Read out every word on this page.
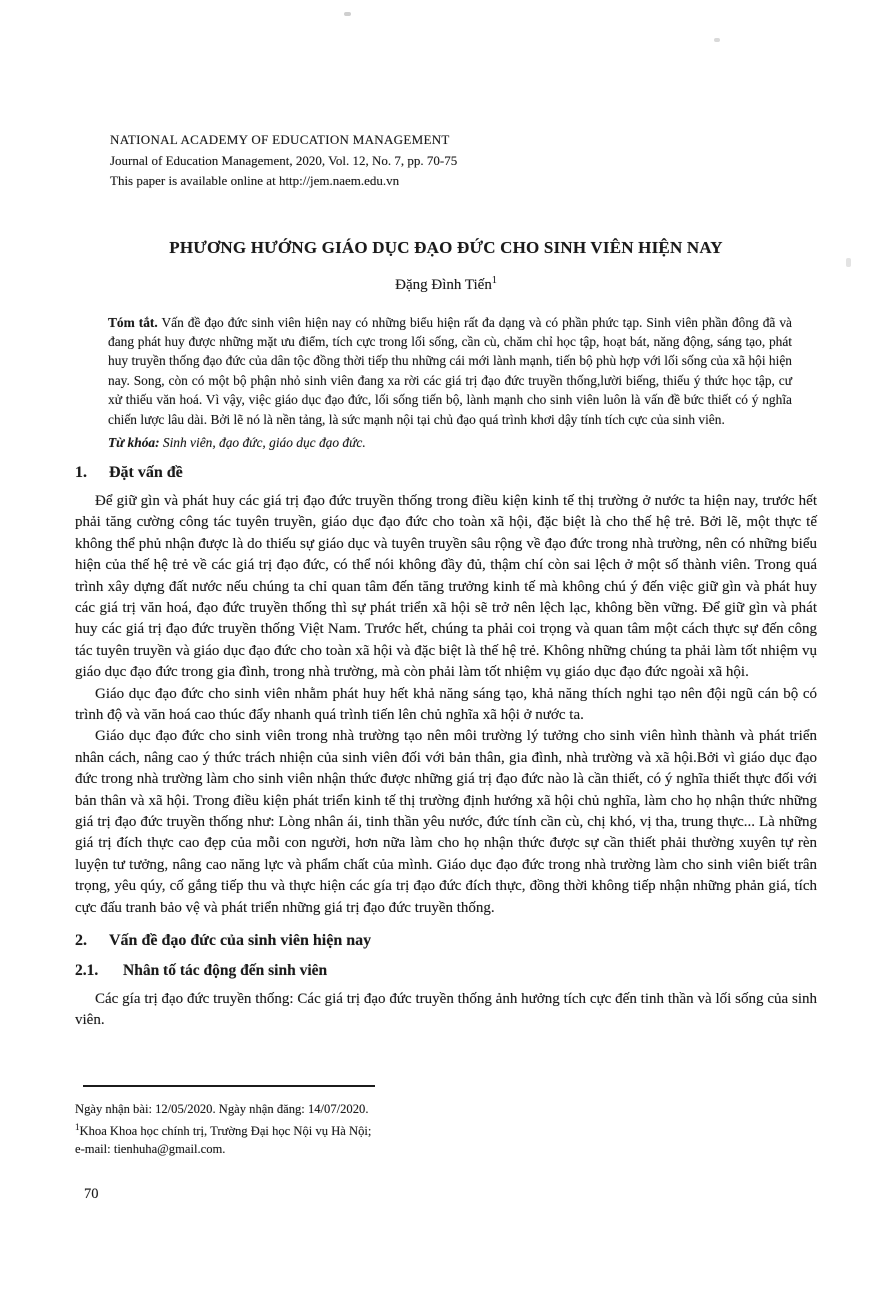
NATIONAL ACADEMY OF EDUCATION MANAGEMENT
Journal of Education Management, 2020, Vol. 12, No. 7, pp. 70-75
This paper is available online at http://jem.naem.edu.vn
PHƯƠNG HƯỚNG GIÁO DỤC ĐẠO ĐỨC CHO SINH VIÊN HIỆN NAY
Đặng Đình Tiến$^1$
Tóm tắt. Vấn đề đạo đức sinh viên hiện nay có những biểu hiện rất đa dạng và có phần phức tạp. Sinh viên phần đông đã và đang phát huy được những mặt ưu điểm, tích cực trong lối sống, cần cù, chăm chỉ học tập, hoạt bát, năng động, sáng tạo, phát huy truyền thống đạo đức của dân tộc đồng thời tiếp thu những cái mới lành mạnh, tiến bộ phù hợp với lối sống của xã hội hiện nay. Song, còn có một bộ phận nhỏ sinh viên đang xa rời các giá trị đạo đức truyền thống,lười biếng, thiếu ý thức học tập, cư xử thiếu văn hoá. Vì vậy, việc giáo dục đạo đức, lối sống tiến bộ, lành mạnh cho sinh viên luôn là vấn đề bức thiết có ý nghĩa chiến lược lâu dài. Bởi lẽ nó là nền tảng, là sức mạnh nội tại chủ đạo quá trình khơi dậy tính tích cực của sinh viên.
Từ khóa: Sinh viên, đạo đức, giáo dục đạo đức.
1. Đặt vấn đề

Để giữ gìn và phát huy các giá trị đạo đức truyền thống trong điều kiện kinh tế thị trường ở nước ta hiện nay, trước hết phải tăng cường công tác tuyên truyền, giáo dục đạo đức cho toàn xã hội, đặc biệt là cho thế hệ trẻ. Bởi lẽ, một thực tế không thể phủ nhận được là do thiếu sự giáo dục và tuyên truyền sâu rộng về đạo đức trong nhà trường, nên có những biểu hiện của thế hệ trẻ về các giá trị đạo đức, có thể nói không đầy đủ, thậm chí còn sai lệch ở một số thành viên. Trong quá trình xây dựng đất nước nếu chúng ta chỉ quan tâm đến tăng trưởng kinh tế mà không chú ý đến việc giữ gìn và phát huy các giá trị văn hoá, đạo đức truyền thống thì sự phát triển xã hội sẽ trở nên lệch lạc, không bền vững. Để giữ gìn và phát huy các giá trị đạo đức truyền thống Việt Nam. Trước hết, chúng ta phải coi trọng và quan tâm một cách thực sự đến công tác tuyên truyền và giáo dục đạo đức cho toàn xã hội và đặc biệt là thế hệ trẻ. Không những chúng ta phải làm tốt nhiệm vụ giáo dục đạo đức trong gia đình, trong nhà trường, mà còn phải làm tốt nhiệm vụ giáo dục đạo đức ngoài xã hội.

Giáo dục đạo đức cho sinh viên nhằm phát huy hết khả năng sáng tạo, khả năng thích nghi tạo nên đội ngũ cán bộ có trình độ và văn hoá cao thúc đẩy nhanh quá trình tiến lên chủ nghĩa xã hội ở nước ta.

Giáo dục đạo đức cho sinh viên trong nhà trường tạo nên môi trường lý tưởng cho sinh viên hình thành và phát triển nhân cách, nâng cao ý thức trách nhiện của sinh viên đối với bản thân, gia đình, nhà trường và xã hội.Bởi vì giáo dục đạo đức trong nhà trường làm cho sinh viên nhận thức được những giá trị đạo đức nào là cần thiết, có ý nghĩa thiết thực đối với bản thân và xã hội. Trong điều kiện phát triển kinh tế thị trường định hướng xã hội chủ nghĩa, làm cho họ nhận thức những giá trị đạo đức truyền thống như: Lòng nhân ái, tinh thần yêu nước, đức tính cần cù, chị khó, vị tha, trung thực... Là những giá trị đích thực cao đẹp của mỗi con người, hơn nữa làm cho họ nhận thức được sự cần thiết phải thường xuyên tự rèn luyện tư tưởng, nâng cao năng lực và phẩm chất của mình. Giáo dục đạo đức trong nhà trường làm cho sinh viên biết trân trọng, yêu qúy, cố gắng tiếp thu và thực hiện các gía trị đạo đức đích thực, đồng thời không tiếp nhận những phản giá, tích cực đấu tranh bảo vệ và phát triển những giá trị đạo đức truyền thống.

2. Vấn đề đạo đức của sinh viên hiện nay
2.1. Nhân tố tác động đến sinh viên

Các gía trị đạo đức truyền thống: Các giá trị đạo đức truyền thống ảnh hưởng tích cực đến tinh thần và lối sống của sinh viên.

Ngày nhận bài: 12/05/2020. Ngày nhận đăng: 14/07/2020.
$^1$Khoa Khoa học chính trị, Trường Đại học Nội vụ Hà Nội;
e-mail: tienhuha@gmail.com.
70
